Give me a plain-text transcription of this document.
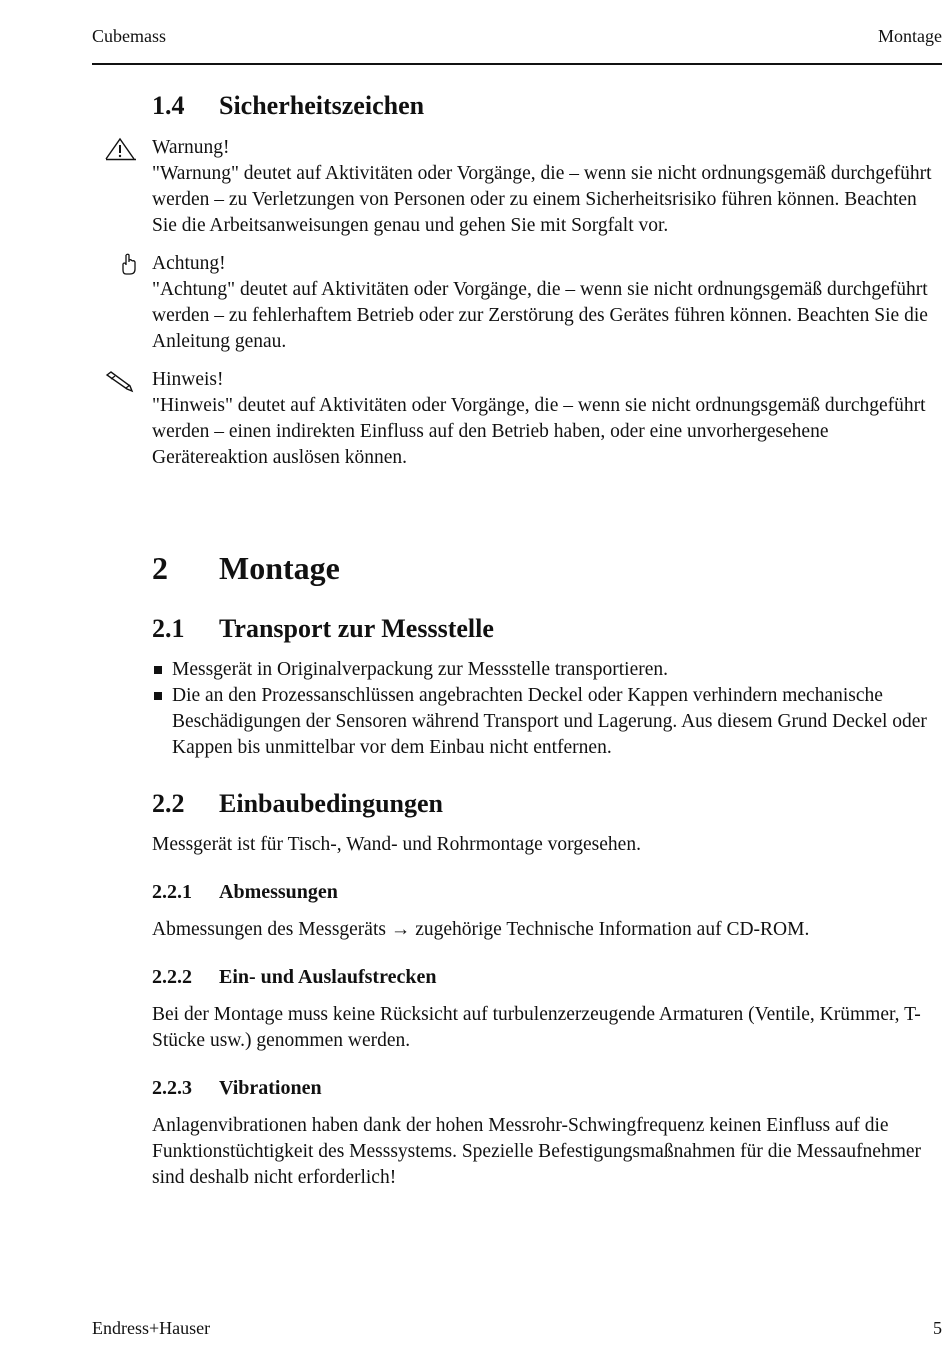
Cubemass	Montage
1.4 Sicherheitszeichen
Warnung!
"Warnung" deutet auf Aktivitäten oder Vorgänge, die – wenn sie nicht ordnungsgemäß durchgeführt werden – zu Verletzungen von Personen oder zu einem Sicherheitsrisiko führen können. Beachten Sie die Arbeitsanweisungen genau und gehen Sie mit Sorgfalt vor.
Achtung!
"Achtung" deutet auf Aktivitäten oder Vorgänge, die – wenn sie nicht ordnungsgemäß durchgeführt werden – zu fehlerhaftem Betrieb oder zur Zerstörung des Gerätes führen können. Beachten Sie die Anleitung genau.
Hinweis!
"Hinweis" deutet auf Aktivitäten oder Vorgänge, die – wenn sie nicht ordnungsgemäß durchgeführt werden – einen indirekten Einfluss auf den Betrieb haben, oder eine unvorhergesehene Gerätereaktion auslösen können.
2 Montage
2.1 Transport zur Messstelle
Messgerät in Originalverpackung zur Messstelle transportieren.
Die an den Prozessanschlüssen angebrachten Deckel oder Kappen verhindern mechanische Beschädigungen der Sensoren während Transport und Lagerung. Aus diesem Grund Deckel oder Kappen bis unmittelbar vor dem Einbau nicht entfernen.
2.2 Einbaubedingungen
Messgerät ist für Tisch-, Wand- und Rohrmontage vorgesehen.
2.2.1 Abmessungen
Abmessungen des Messgeräts → zugehörige Technische Information auf CD-ROM.
2.2.2 Ein- und Auslaufstrecken
Bei der Montage muss keine Rücksicht auf turbulenzerzeugende Armaturen (Ventile, Krümmer, T-Stücke usw.) genommen werden.
2.2.3 Vibrationen
Anlagenvibrationen haben dank der hohen Messrohr-Schwingfrequenz keinen Einfluss auf die Funktionstüchtigkeit des Messsystems. Spezielle Befestigungsmaßnahmen für die Messaufnehmer sind deshalb nicht erforderlich!
Endress+Hauser	5
